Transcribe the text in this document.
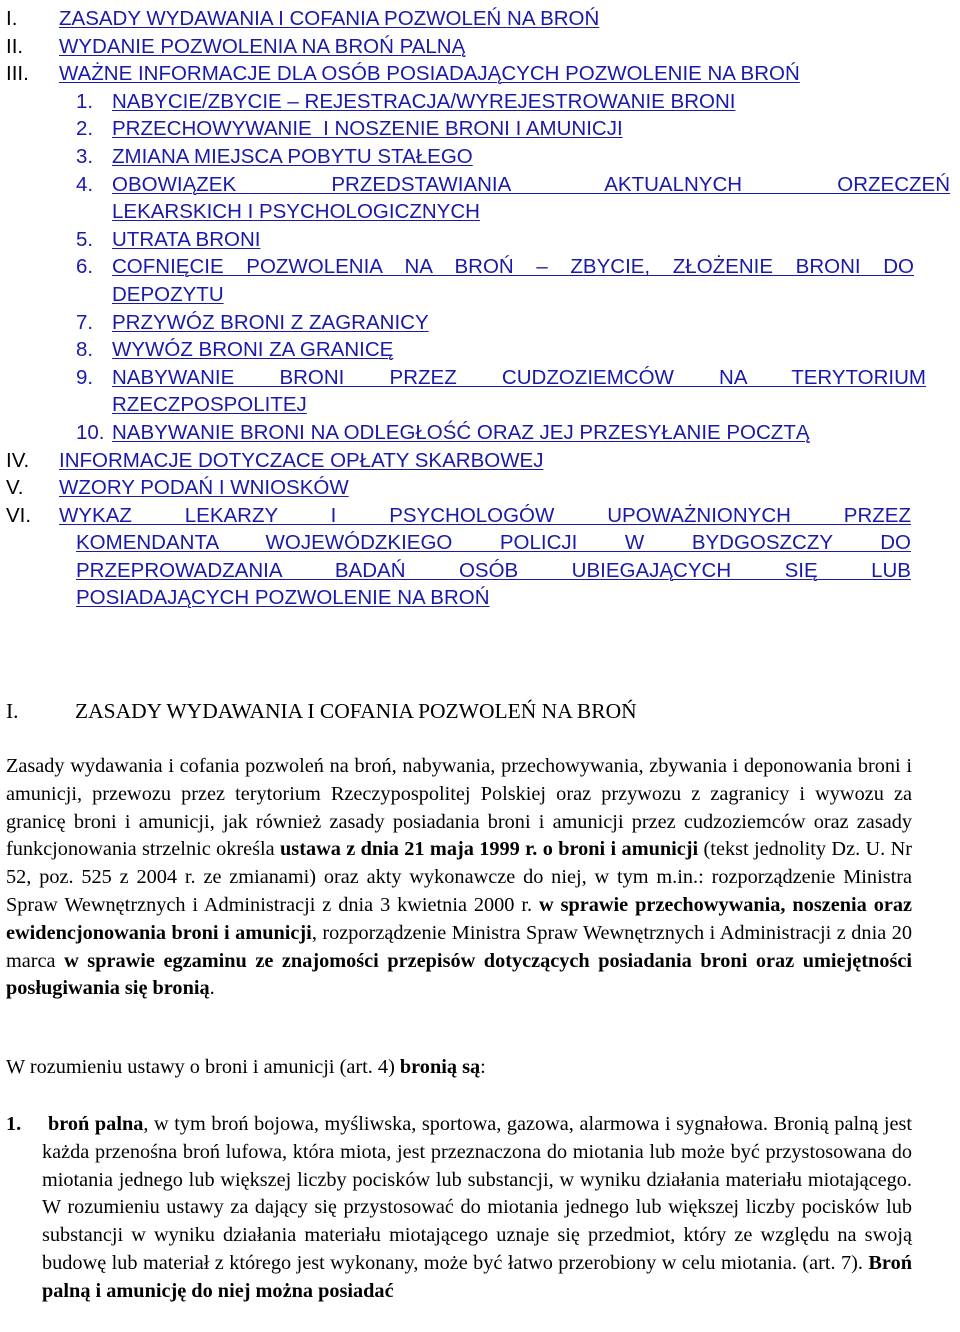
I.	ZASADY WYDAWANIA I COFANIA POZWOLEŃ NA BROŃ
II.	WYDANIE POZWOLENIA NA BROŃ PALNĄ
III.	WAŻNE INFORMACJE DLA OSÓB POSIADAJĄCYCH POZWOLENIE NA BROŃ
1. NABYCIE/ZBYCIE – REJESTRACJA/WYREJESTROWANIE BRONI
2. PRZECHOWYWANIE  I NOSZENIE BRONI I AMUNICJI
3. ZMIANA MIEJSCA POBYTU STAŁEGO
4. OBOWIĄZEK PRZEDSTAWIANIA AKTUALNYCH ORZECZEŃ
LEKARSKICH I PSYCHOLOGICZNYCH
5. UTRATA BRONI
6. COFNIĘCIE POZWOLENIA NA BROŃ – ZBYCIE, ZŁOŻENIE BRONI DO
DEPOZYTU
7. PRZYWÓZ BRONI Z ZAGRANICY
8. WYWÓZ BRONI ZA GRANICĘ
9. NABYWANIE BRONI PRZEZ CUDZOZIEMCÓW NA TERYTORIUM
RZECZPOSPOLITEJ
10. NABYWANIE BRONI NA ODLEGŁOŚĆ ORAZ JEJ PRZESYŁANIE POCZTĄ
IV.	INFORMACJE DOTYCZACE OPŁATY SKARBOWEJ
V.	WZORY PODAŃ I WNIOSKÓW
VI.	WYKAZ LEKARZY I PSYCHOLOGÓW UPOWAŻNIONYCH PRZEZ
KOMENDANTA WOJEWÓDZKIEGO POLICJI W BYDGOSZCZY DO
PRZEPROWADZANIA BADAŃ OSÓB UBIEGAJĄCYCH SIĘ LUB
POSIADAJĄCYCH POZWOLENIE NA BROŃ
I.	ZASADY WYDAWANIA I COFANIA POZWOLEŃ NA BROŃ

Zasady wydawania i cofania pozwoleń na broń, nabywania, przechowywania, zbywania i deponowania broni i amunicji, przewozu przez terytorium Rzeczypospolitej Polskiej oraz przywozu z zagranicy i wywozu za granicę broni i amunicji, jak również zasady posiadania broni i amunicji przez cudzoziemców oraz zasady funkcjonowania strzelnic określa ustawa z dnia 21 maja 1999 r. o broni i amunicji (tekst jednolity Dz. U. Nr 52, poz. 525 z 2004 r. ze zmianami) oraz akty wykonawcze do niej, w tym m.in.: rozporządzenie Ministra Spraw Wewnętrznych i Administracji z dnia 3 kwietnia 2000 r. w sprawie przechowywania, noszenia oraz ewidencjonowania broni i amunicji, rozporządzenie Ministra Spraw Wewnętrznych i Administracji z dnia 20 marca w sprawie egzaminu ze znajomości przepisów dotyczących posiadania broni oraz umiejętności posługiwania się bronią.

W rozumieniu ustawy o broni i amunicji (art. 4) bronią są:

1.	broń palna, w tym broń bojowa, myśliwska, sportowa, gazowa, alarmowa i sygnałowa. Bronią palną jest każda przenośna broń lufowa, która miota, jest przeznaczona do miotania lub może być przystosowana do miotania jednego lub większej liczby pocisków lub substancji, w wyniku działania materiału miotającego. W rozumieniu ustawy za dający się przystosować do miotania jednego lub większej liczby pocisków lub substancji w wyniku działania materiału miotającego uznaje się przedmiot, który ze względu na swoją budowę lub materiał z którego jest wykonany, może być łatwo przerobiony w celu miotania. (art. 7). Broń palną i amunicję do niej można posiadać
